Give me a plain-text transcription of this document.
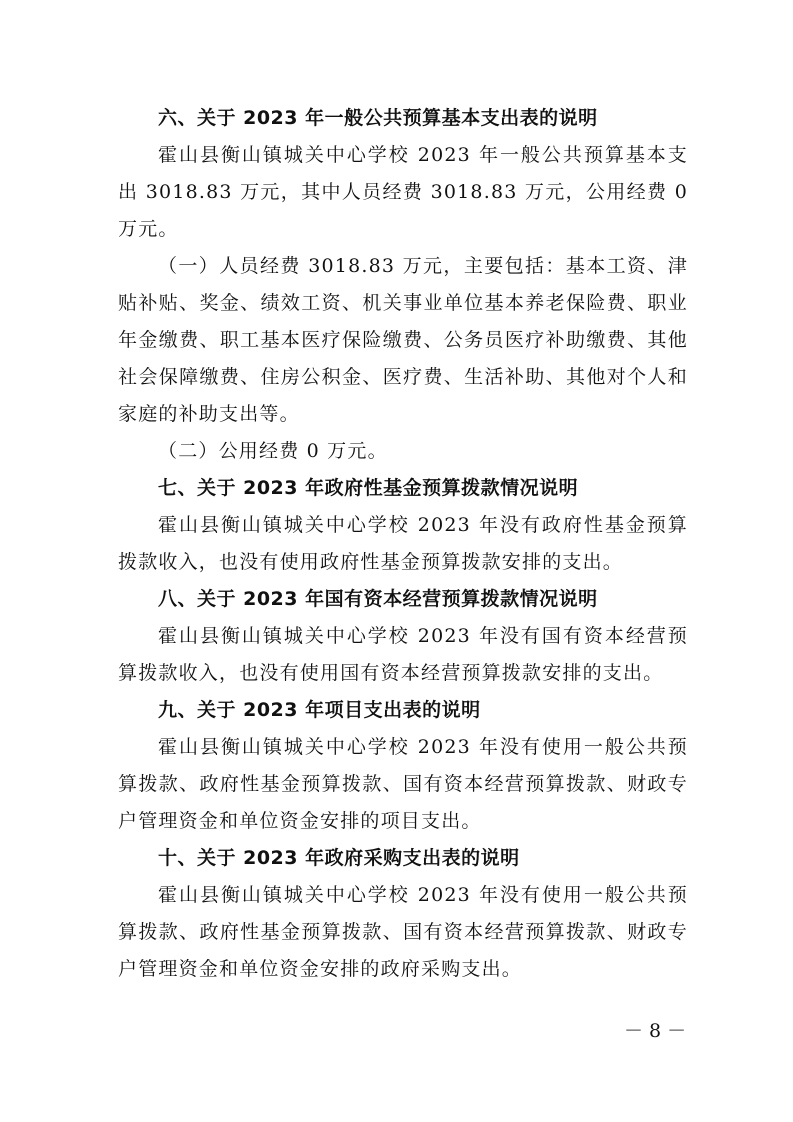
六、关于 2023 年一般公共预算基本支出表的说明

霍山县衡山镇城关中心学校 2023 年一般公共预算基本支出 3018.83 万元，其中人员经费 3018.83 万元，公用经费 0 万元。

（一）人员经费 3018.83 万元，主要包括：基本工资、津贴补贴、奖金、绩效工资、机关事业单位基本养老保险费、职业年金缴费、职工基本医疗保险缴费、公务员医疗补助缴费、其他社会保障缴费、住房公积金、医疗费、生活补助、其他对个人和家庭的补助支出等。

（二）公用经费 0 万元。

七、关于 2023 年政府性基金预算拨款情况说明

霍山县衡山镇城关中心学校 2023 年没有政府性基金预算拨款收入，也没有使用政府性基金预算拨款安排的支出。

八、关于 2023 年国有资本经营预算拨款情况说明

霍山县衡山镇城关中心学校 2023 年没有国有资本经营预算拨款收入，也没有使用国有资本经营预算拨款安排的支出。

九、关于 2023 年项目支出表的说明

霍山县衡山镇城关中心学校 2023 年没有使用一般公共预算拨款、政府性基金预算拨款、国有资本经营预算拨款、财政专户管理资金和单位资金安排的项目支出。

十、关于 2023 年政府采购支出表的说明

霍山县衡山镇城关中心学校 2023 年没有使用一般公共预算拨款、政府性基金预算拨款、国有资本经营预算拨款、财政专户管理资金和单位资金安排的政府采购支出。

－ 8 －
